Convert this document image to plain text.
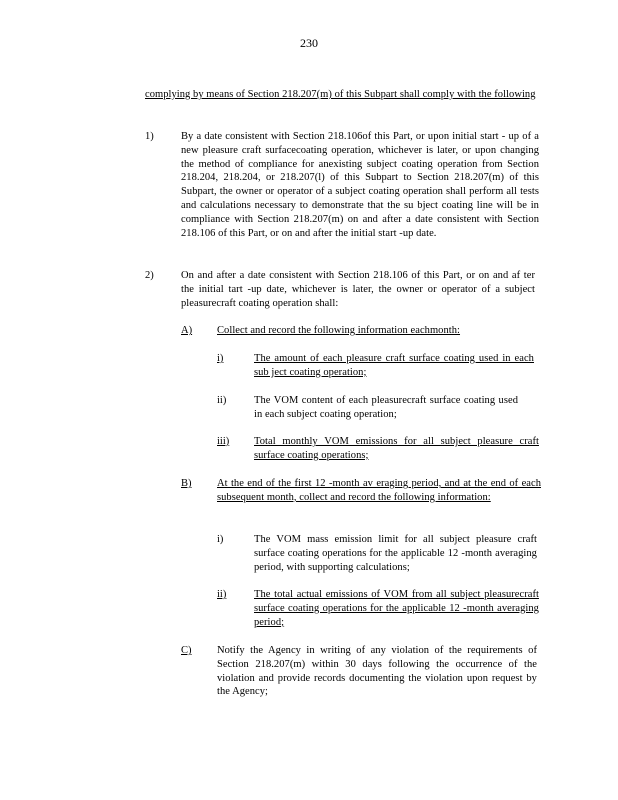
230
complying by means of Section 218.207(m) of this Subpart shall comply with the following
1)	By a date consistent with Section 218.106of this Part, or upon initial start - up of a new pleasure craft surfacecoating operation, whichever is later, or upon changing the method of compliance for anexisting subject coating operation from Section 218.204, 218.204, or 218.207(l) of this Subpart to Section 218.207(m) of this Subpart, the owner or operator of a subject coating operation shall perform all tests and calculations necessary to demonstrate that the su bject coating line will be in compliance with Section 218.207(m) on and after a date consistent with Section 218.106 of this Part, or on and after the initial start -up date.
2)	On and after a date consistent with Section 218.106 of this Part, or on and af ter the initial tart -up date, whichever is later, the owner or operator of a subject pleasurecraft coating operation shall:
A) Collect and record the following information eachmonth:
i)	The amount of each pleasure craft surface coating used in each sub ject coating operation;
ii)	The VOM content of each pleasurecraft surface coating used in each subject coating operation;
iii) Total monthly VOM emissions for all subject pleasure craft surface coating operations;
B) At the end of the first 12 -month av eraging period, and at the end of each subsequent month, collect and record the following information:
i)	The VOM mass emission limit for all subject pleasure craft surface coating operations for the applicable 12 -month averaging period, with supporting calculations;
ii)	The total actual emissions of VOM from all subject pleasurecraft surface coating operations for the applicable 12 -month averaging period;
C) Notify the Agency in writing of any violation of the requirements of Section 218.207(m) within 30 days following the occurrence of the violation and provide records documenting the violation upon request by the Agency;
